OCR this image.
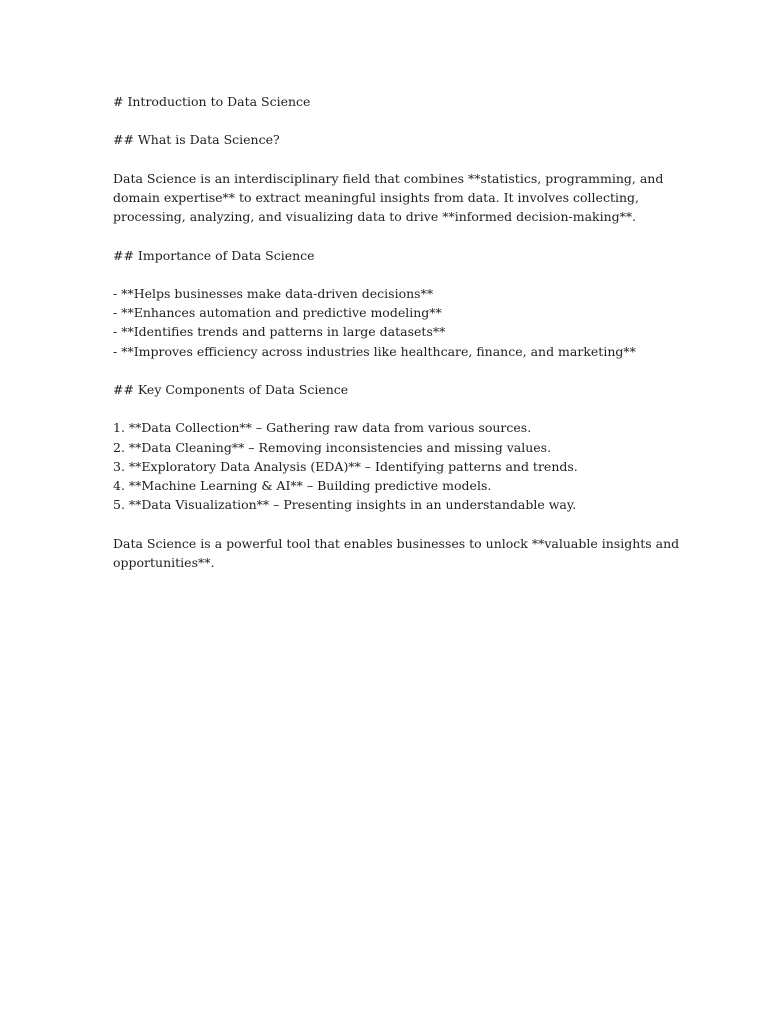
# Introduction to Data Science

## What is Data Science?

Data Science is an interdisciplinary field that combines **statistics, programming, and

domain expertise** to extract meaningful insights from data. It involves collecting,

processing, analyzing, and visualizing data to drive **informed decision-making**.

## Importance of Data Science

- **Helps businesses make data-driven decisions**

- **Enhances automation and predictive modeling**

- **Identifies trends and patterns in large datasets**

- **Improves efficiency across industries like healthcare, finance, and marketing**

## Key Components of Data Science

1. **Data Collection** – Gathering raw data from various sources.

2. **Data Cleaning** – Removing inconsistencies and missing values.

3. **Exploratory Data Analysis (EDA)** – Identifying patterns and trends.

4. **Machine Learning & AI** – Building predictive models.

5. **Data Visualization** – Presenting insights in an understandable way.

Data Science is a powerful tool that enables businesses to unlock **valuable insights and

opportunities**.
